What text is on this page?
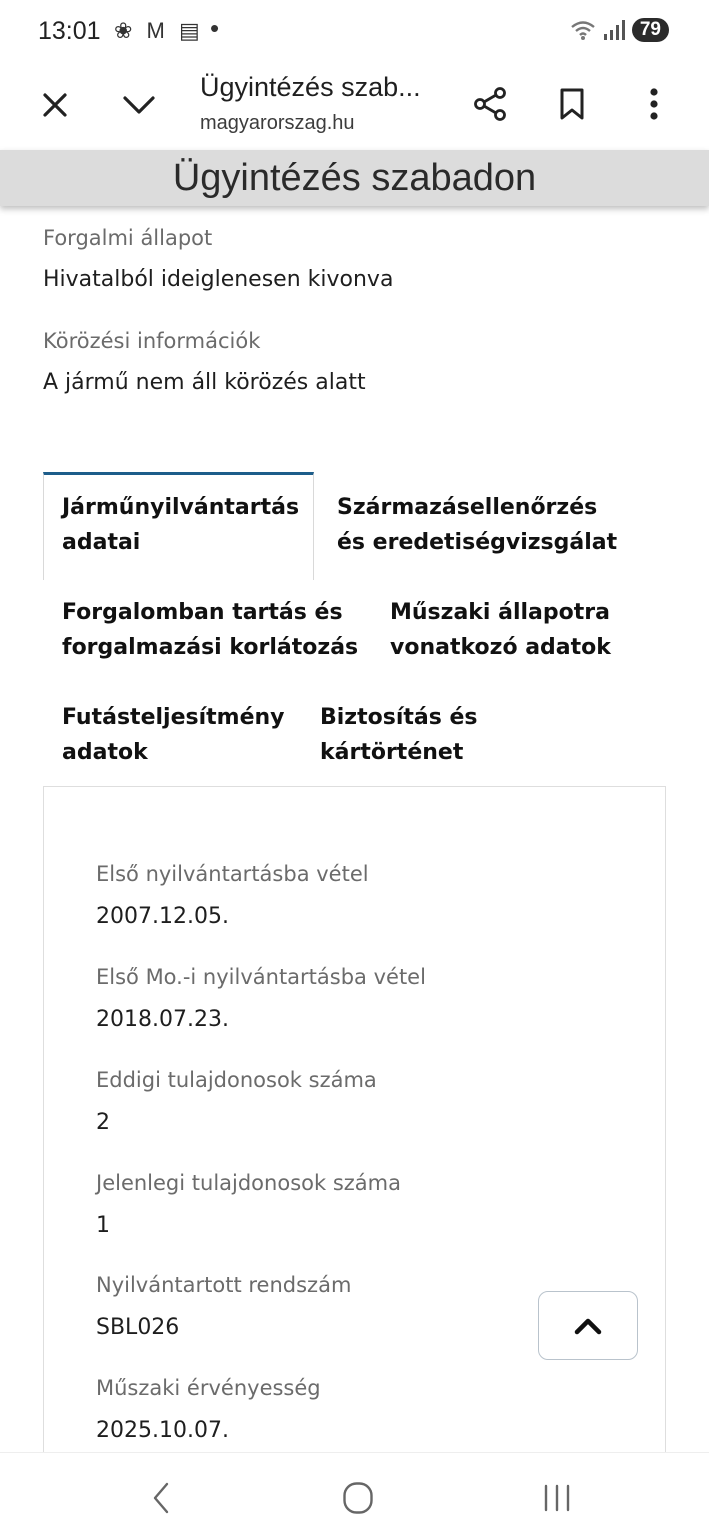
13:01 ❀ M ▤ •	79
Ügyintézés szab...
magyarorszag.hu
Ügyintézés szabadon
Forgalmi állapot
Hivatalból ideiglenesen kivonva
Körözési információk
A jármű nem áll körözés alatt
Járműnyilvántartás
adatai
Származásellenőrzés
és eredetiségvizsgálat
Forgalomban tartás és
forgalmazási korlátozás
Műszaki állapotra
vonatkozó adatok
Futásteljesítmény
adatok
Biztosítás és
kártörténet
Első nyilvántartásba vétel
2007.12.05.
Első Mo.-i nyilvántartásba vétel
2018.07.23.
Eddigi tulajdonosok száma
2
Jelenlegi tulajdonosok száma
1
Nyilvántartott rendszám
SBL026
Műszaki érvényesség
2025.10.07.
